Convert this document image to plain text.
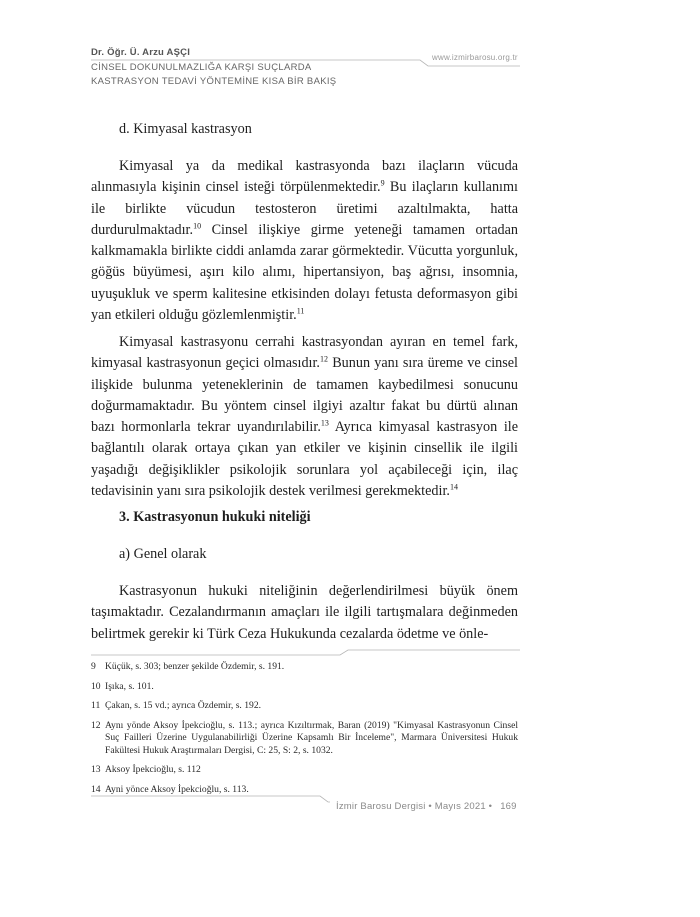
Dr. Öğr. Ü. Arzu AŞÇI
CİNSEL DOKUNULMAZLIĞA KARŞI SUÇLARDA
KASTRASYON TEDAVİ YÖNTEMİNE KISA BİR BAKIŞ
www.izmirbarosu.org.tr
d. Kimyasal kastrasyon

Kimyasal ya da medikal kastrasyonda bazı ilaçların vücuda alınmasıyla kişinin cinsel isteği törpülenmektedir.$^9$ Bu ilaçların kullanımı ile birlikte vücudun testosteron üretimi azaltılmakta, hatta durdurulmaktadır.$^{10}$ Cinsel ilişkiye girme yeteneği tamamen ortadan kalkmamakla birlikte ciddi anlamda zarar görmektedir. Vücutta yorgunluk, göğüs büyümesi, aşırı kilo alımı, hipertansiyon, baş ağrısı, insomnia, uyuşukluk ve sperm kalitesine etkisinden dolayı fetusta deformasyon gibi yan etkileri olduğu gözlemlenmiştir.$^{11}$

Kimyasal kastrasyonu cerrahi kastrasyondan ayıran en temel fark, kimyasal kastrasyonun geçici olmasıdır.$^{12}$ Bunun yanı sıra üreme ve cinsel ilişkide bulunma yeteneklerinin de tamamen kaybedilmesi sonucunu doğurmamaktadır. Bu yöntem cinsel ilgiyi azaltır fakat bu dürtü alınan bazı hormonlarla tekrar uyandırılabilir.$^{13}$ Ayrıca kimyasal kastrasyon ile bağlantılı olarak ortaya çıkan yan etkiler ve kişinin cinsellik ile ilgili yaşadığı değişiklikler psikolojik sorunlara yol açabileceği için, ilaç tedavisinin yanı sıra psikolojik destek verilmesi gerekmektedir.$^{14}$

3. Kastrasyonun hukuki niteliği
a) Genel olarak

Kastrasyonun hukuki niteliğinin değerlendirilmesi büyük önem taşımaktadır. Cezalandırmanın amaçları ile ilgili tartışmalara değinmeden belirtmek gerekir ki Türk Ceza Hukukunda cezalarda ödetme ve önle-

9 Küçük, s. 303; benzer şekilde Özdemir, s. 191.

10 Işıka, s. 101.

11 Çakan, s. 15 vd.; ayrıca Özdemir, s. 192.

12 Aynı yönde Aksoy İpekcioğlu, s. 113.; ayrıca Kızıltırmak, Baran (2019) "Kimyasal Kastrasyonun Cinsel Suç Failleri Üzerine Uygulanabilirliği Üzerine Kapsamlı Bir İnceleme", Marmara Üniversitesi Hukuk Fakültesi Hukuk Araştırmaları Dergisi, C: 25, S: 2, s. 1032.

13 Aksoy İpekcioğlu, s. 112

14 Ayni yönce Aksoy İpekcioğlu, s. 113.

İzmir Barosu Dergisi • Mayıs 2021 • 169
